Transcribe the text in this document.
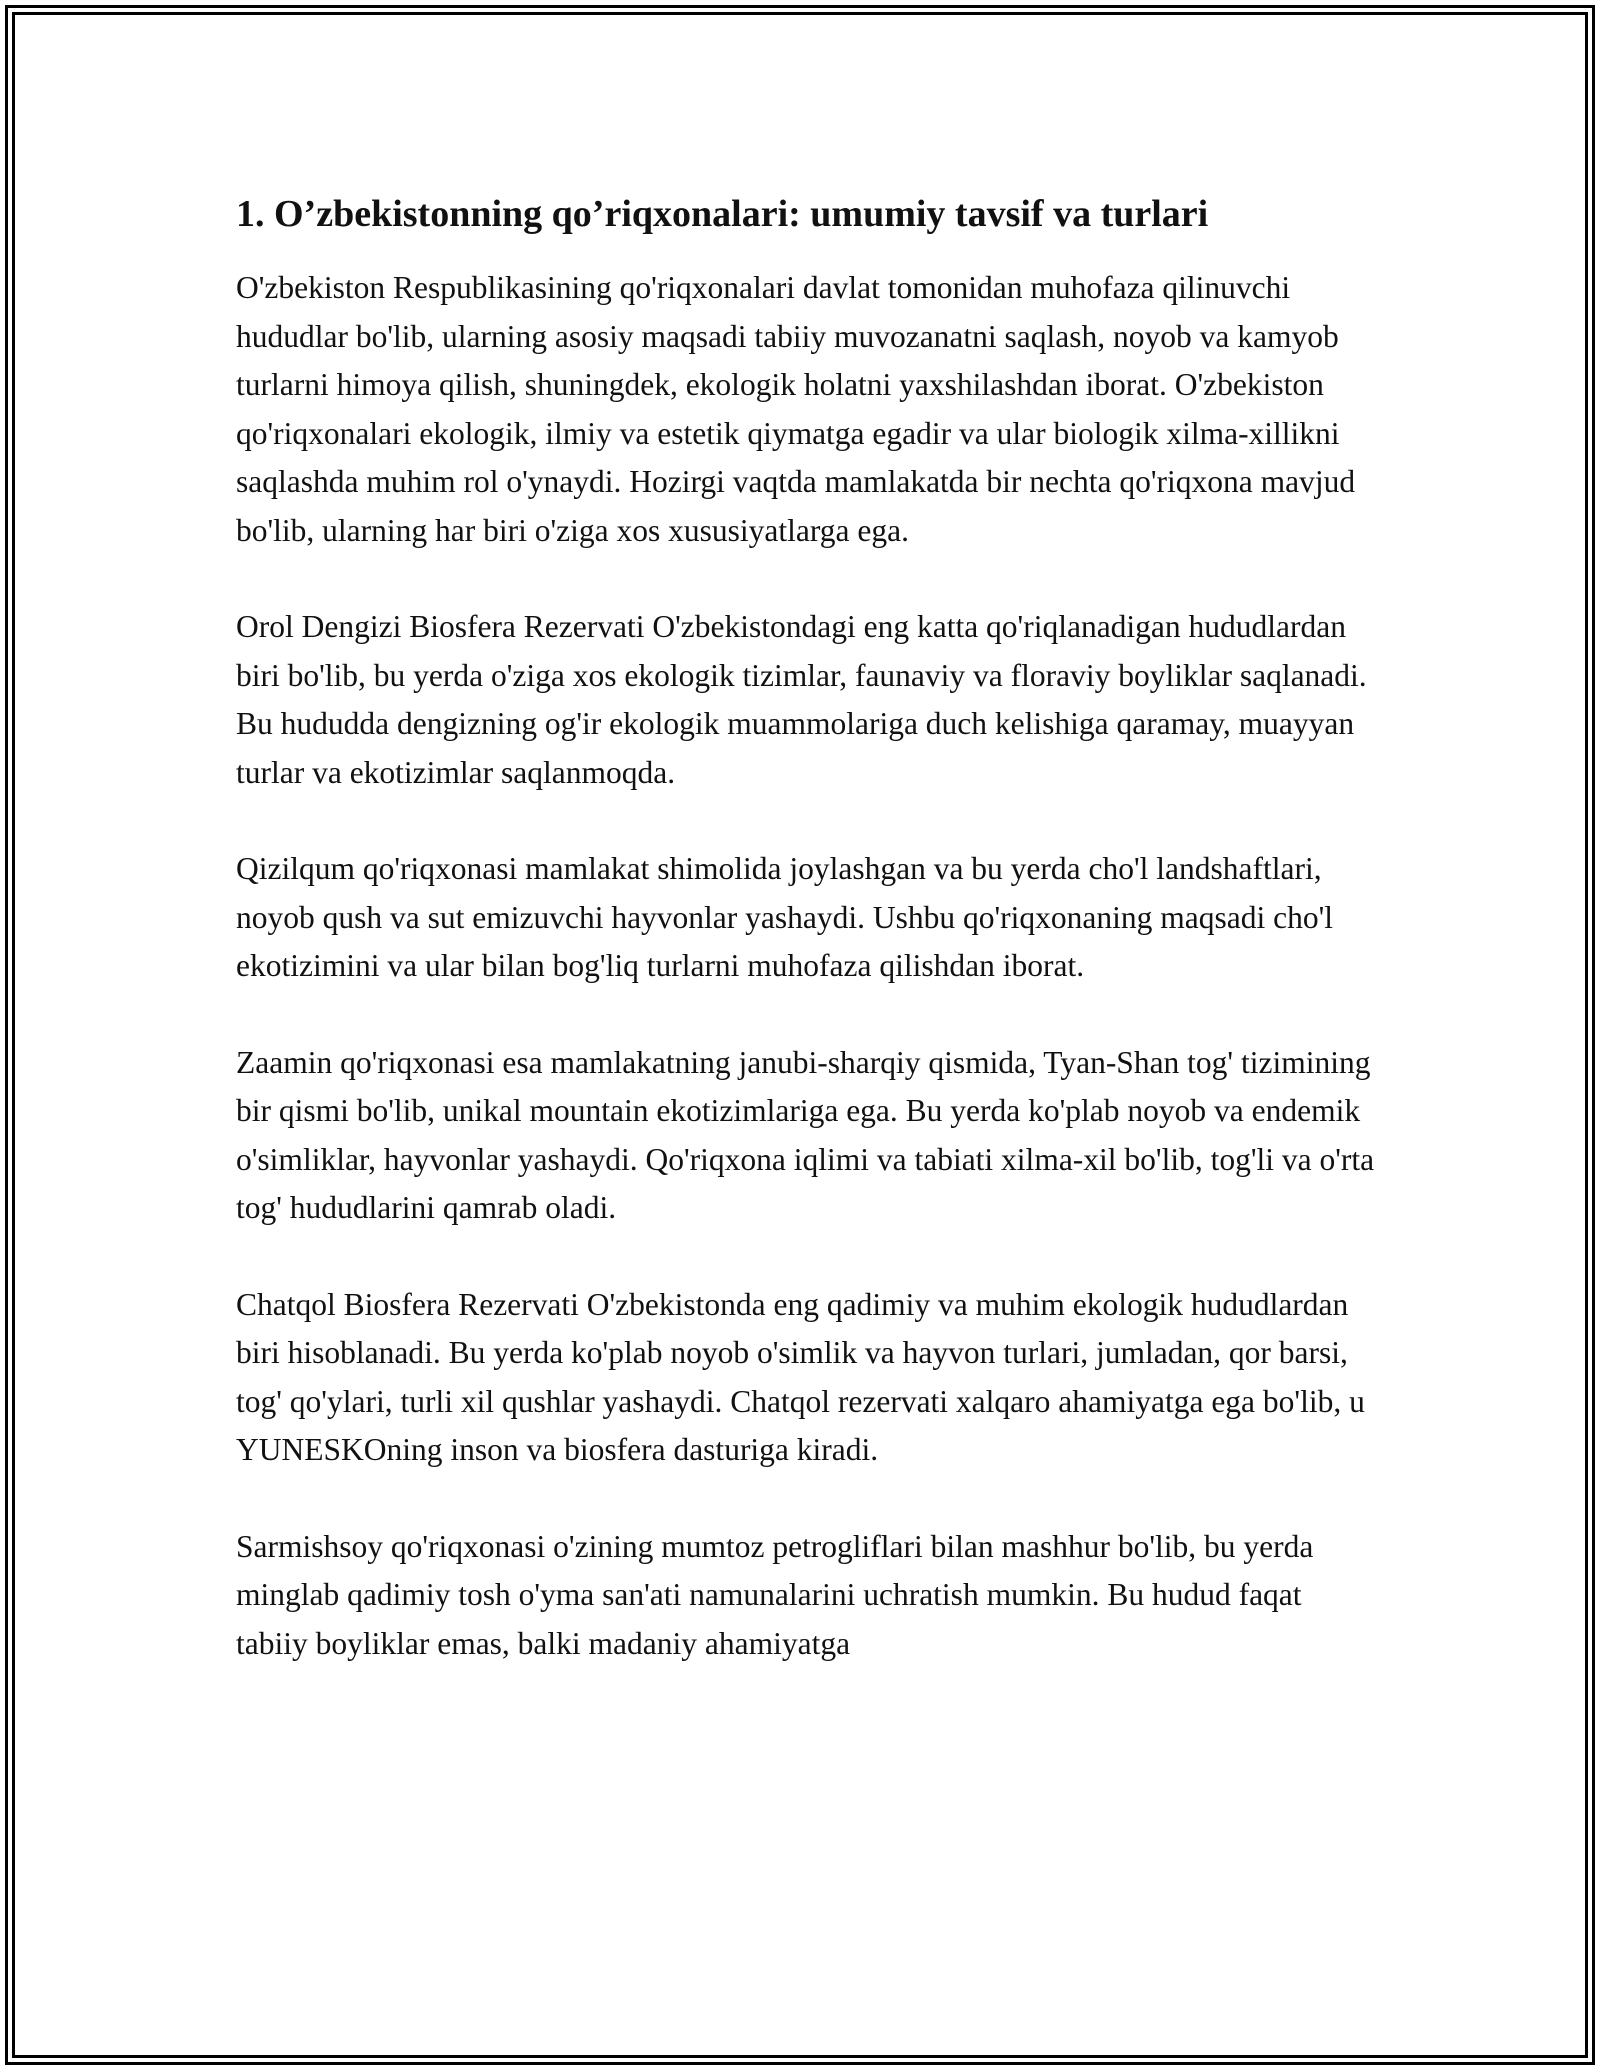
1. O’zbekistonning qo’riqxonalari: umumiy tavsif va turlari

O'zbekiston Respublikasining qo'riqxonalari davlat tomonidan muhofaza qilinuvchi hududlar bo'lib, ularning asosiy maqsadi tabiiy muvozanatni saqlash, noyob va kamyob turlarni himoya qilish, shuningdek, ekologik holatni yaxshilashdan iborat. O'zbekiston qo'riqxonalari ekologik, ilmiy va estetik qiymatga egadir va ular biologik xilma-xillikni saqlashda muhim rol o'ynaydi. Hozirgi vaqtda mamlakatda bir nechta qo'riqxona mavjud bo'lib, ularning har biri o'ziga xos xususiyatlarga ega.

Orol Dengizi Biosfera Rezervati O'zbekistondagi eng katta qo'riqlanadigan hududlardan biri bo'lib, bu yerda o'ziga xos ekologik tizimlar, faunaviy va floraviy boyliklar saqlanadi. Bu hududda dengizning og'ir ekologik muammolariga duch kelishiga qaramay, muayyan turlar va ekotizimlar saqlanmoqda.

Qizilqum qo'riqxonasi mamlakat shimolida joylashgan va bu yerda cho'l landshaftlari, noyob qush va sut emizuvchi hayvonlar yashaydi. Ushbu qo'riqxonaning maqsadi cho'l ekotizimini va ular bilan bog'liq turlarni muhofaza qilishdan iborat.

Zaamin qo'riqxonasi esa mamlakatning janubi-sharqiy qismida, Tyan-Shan tog' tizimining bir qismi bo'lib, unikal mountain ekotizimlariga ega. Bu yerda ko'plab noyob va endemik o'simliklar, hayvonlar yashaydi. Qo'riqxona iqlimi va tabiati xilma-xil bo'lib, tog'li va o'rta tog' hududlarini qamrab oladi.

Chatqol Biosfera Rezervati O'zbekistonda eng qadimiy va muhim ekologik hududlardan biri hisoblanadi. Bu yerda ko'plab noyob o'simlik va hayvon turlari, jumladan, qor barsi, tog' qo'ylari, turli xil qushlar yashaydi. Chatqol rezervati xalqaro ahamiyatga ega bo'lib, u YUNESKOning inson va biosfera dasturiga kiradi.

Sarmishsoy qo'riqxonasi o'zining mumtoz petrogliflari bilan mashhur bo'lib, bu yerda minglab qadimiy tosh o'yma san'ati namunalarini uchratish mumkin. Bu hudud faqat tabiiy boyliklar emas, balki madaniy ahamiyatga
